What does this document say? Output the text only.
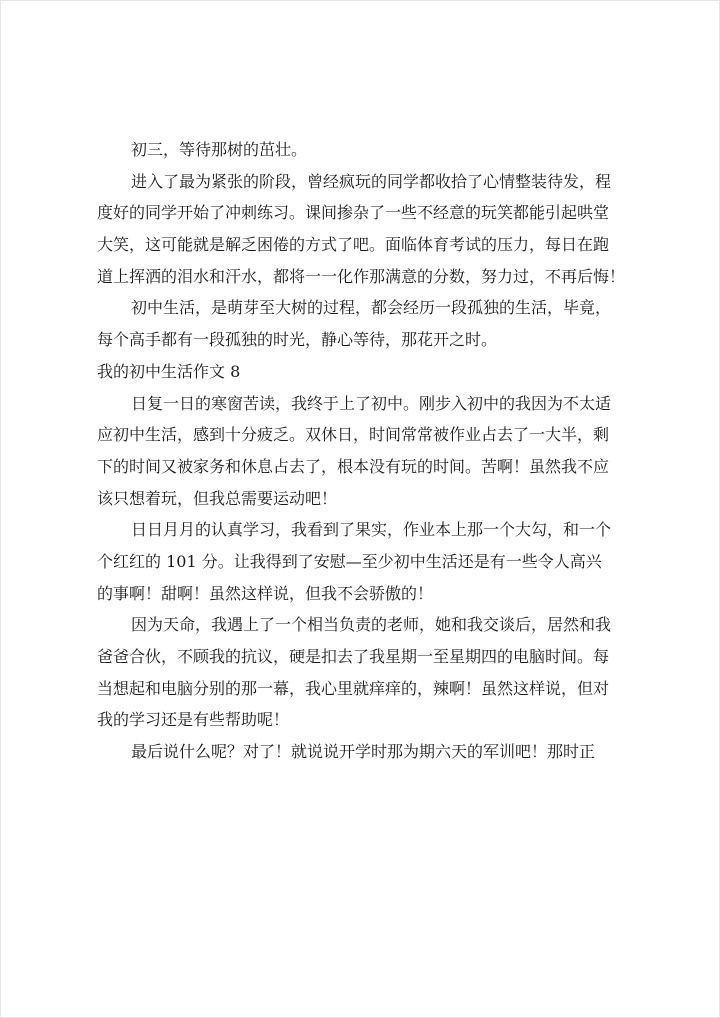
初三，等待那树的茁壮。
进入了最为紧张的阶段，曾经疯玩的同学都收拾了心情整装待发，程
度好的同学开始了冲刺练习。课间掺杂了一些不经意的玩笑都能引起哄堂
大笑，这可能就是解乏困倦的方式了吧。面临体育考试的压力，每日在跑
道上挥洒的泪水和汗水，都将一一化作那满意的分数，努力过，不再后悔！
初中生活，是萌芽至大树的过程，都会经历一段孤独的生活，毕竟，
每个高手都有一段孤独的时光，静心等待，那花开之时。
我的初中生活作文 8
日复一日的寒窗苦读，我终于上了初中。刚步入初中的我因为不太适
应初中生活，感到十分疲乏。双休日，时间常常被作业占去了一大半，剩
下的时间又被家务和休息占去了，根本没有玩的时间。苦啊！虽然我不应
该只想着玩，但我总需要运动吧！
日日月月的认真学习，我看到了果实，作业本上那一个大勾，和一个
个红红的 101 分。让我得到了安慰—至少初中生活还是有一些令人高兴
的事啊！甜啊！虽然这样说，但我不会骄傲的！
因为天命，我遇上了一个相当负责的老师，她和我交谈后，居然和我
爸爸合伙，不顾我的抗议，硬是扣去了我星期一至星期四的电脑时间。每
当想起和电脑分别的那一幕，我心里就痒痒的，辣啊！虽然这样说，但对
我的学习还是有些帮助呢！
最后说什么呢？对了！就说说开学时那为期六天的军训吧！那时正
